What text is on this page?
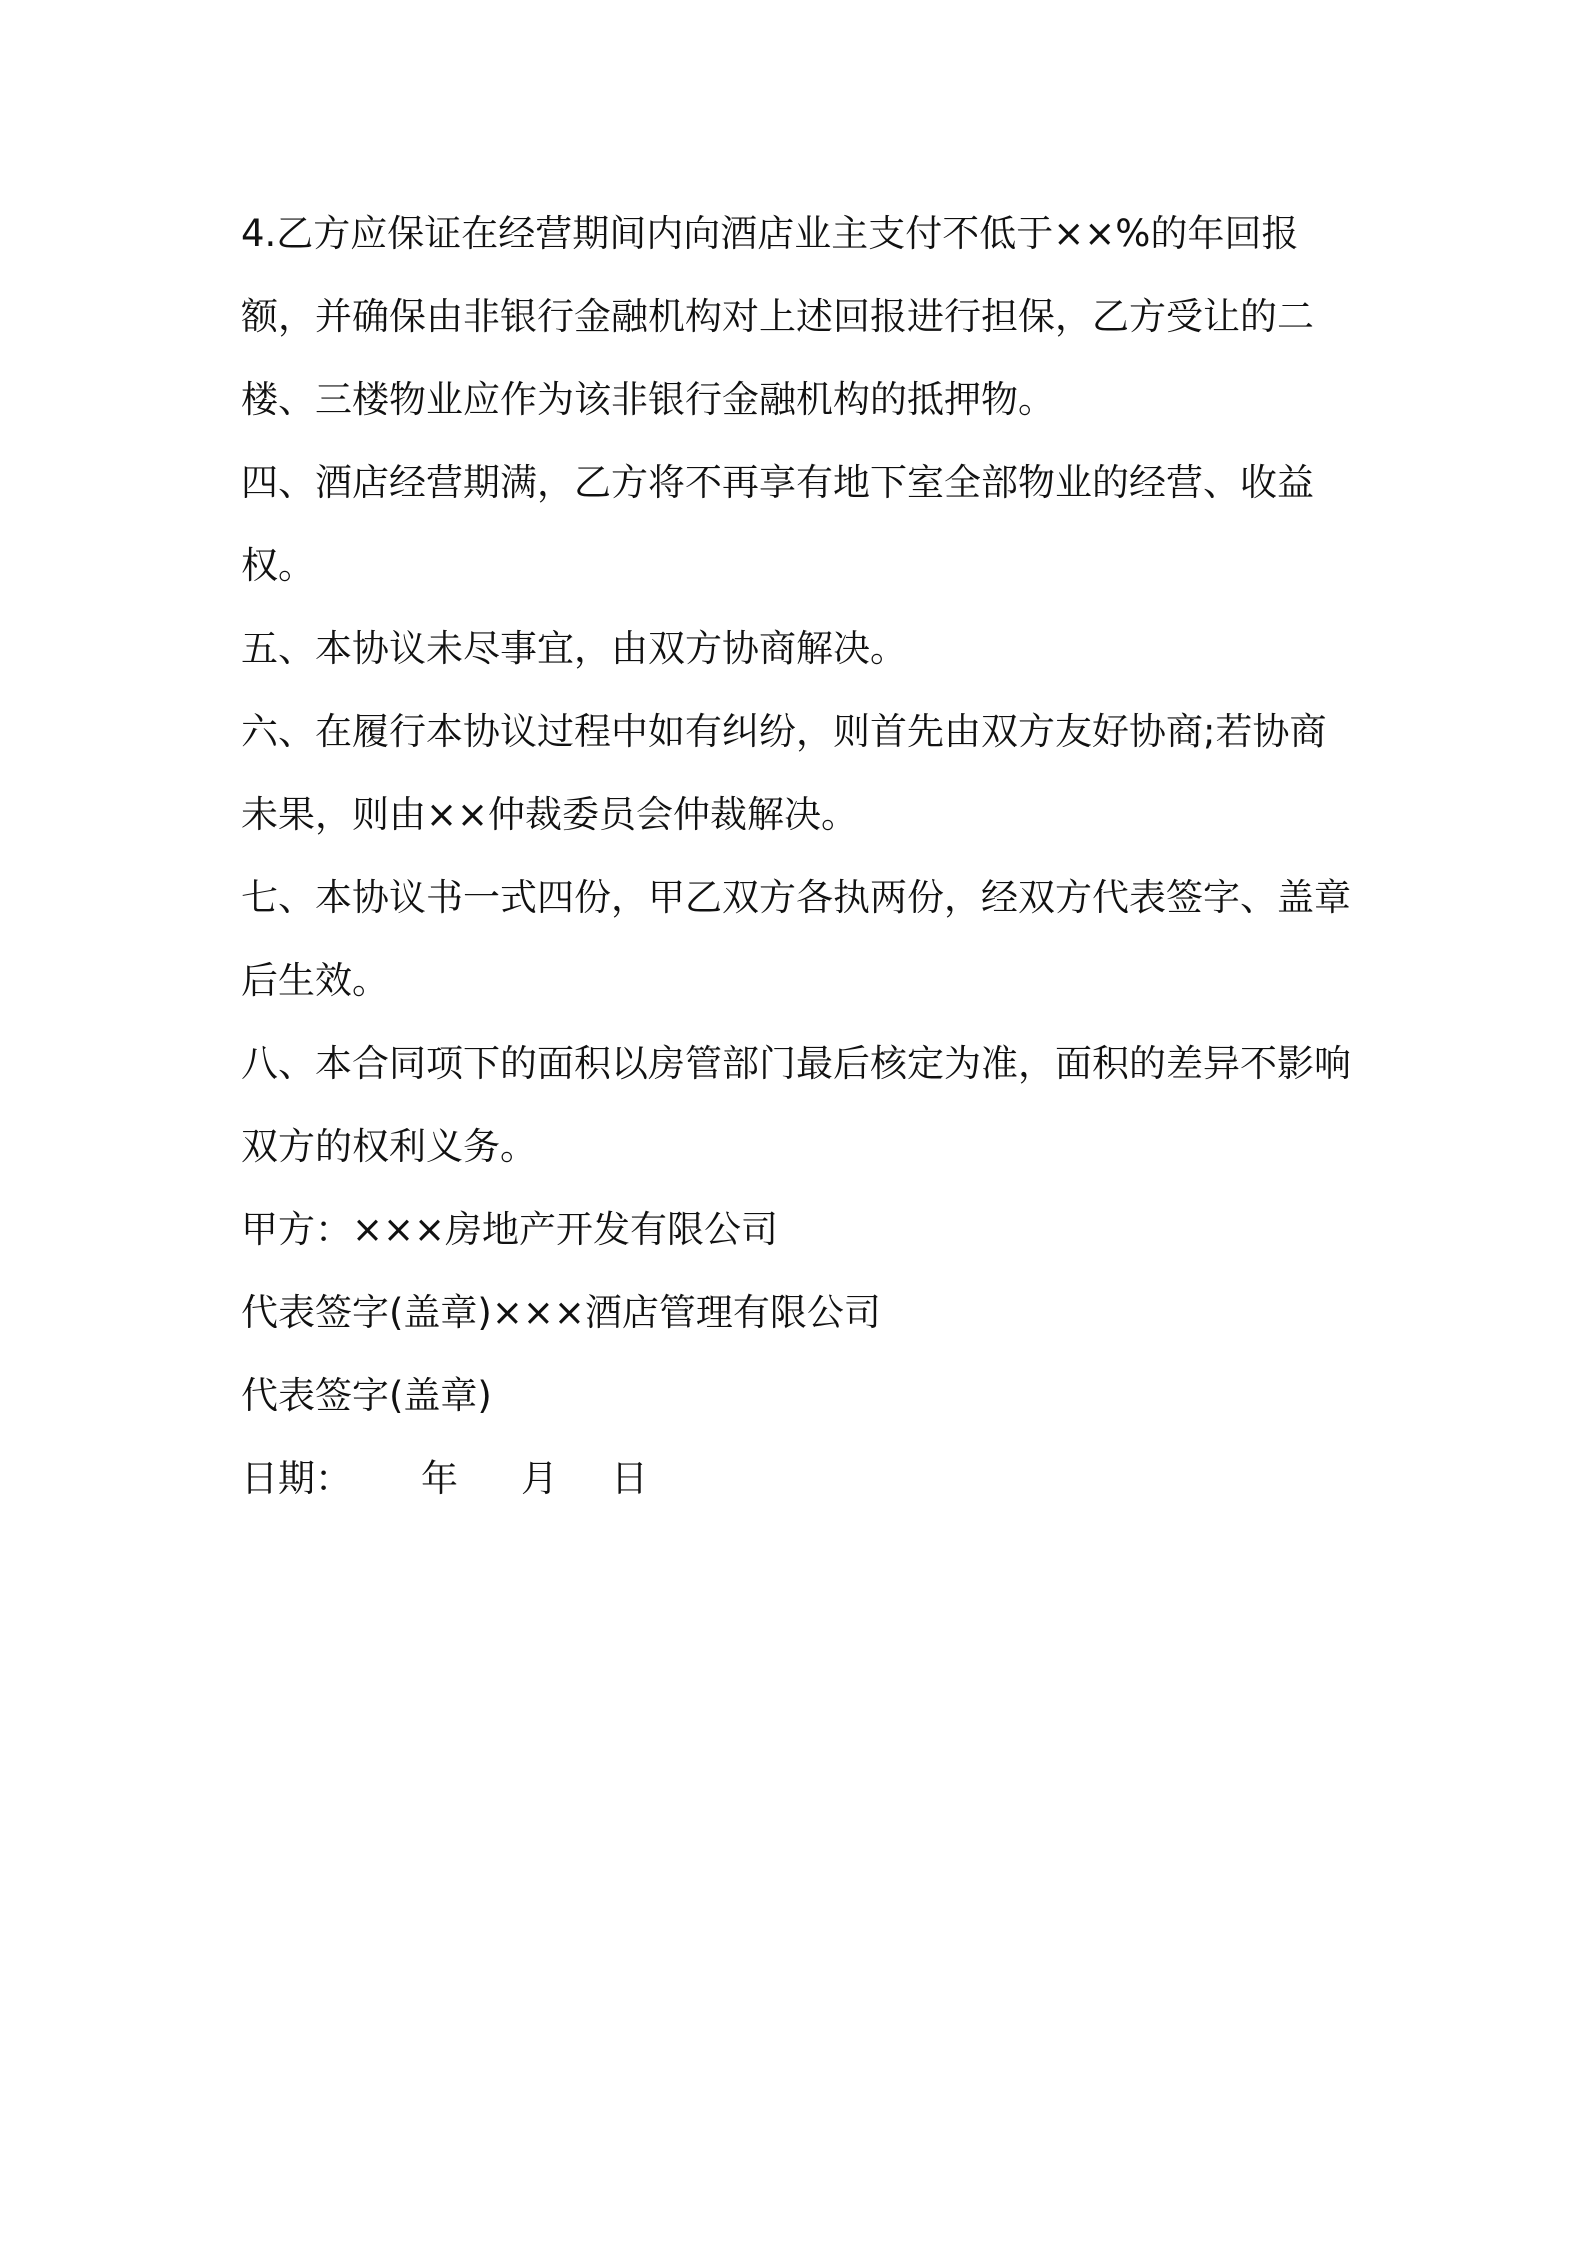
4.乙方应保证在经营期间内向酒店业主支付不低于××%的年回报额，并确保由非银行金融机构对上述回报进行担保，乙方受让的二楼、三楼物业应作为该非银行金融机构的抵押物。

四、酒店经营期满，乙方将不再享有地下室全部物业的经营、收益权。

五、本协议未尽事宜，由双方协商解决。

六、在履行本协议过程中如有纠纷，则首先由双方友好协商;若协商未果，则由××仲裁委员会仲裁解决。

七、本协议书一式四份，甲乙双方各执两份，经双方代表签字、盖章后生效。

八、本合同项下的面积以房管部门最后核定为准，面积的差异不影响双方的权利义务。

甲方：×××房地产开发有限公司

代表签字(盖章)×××酒店管理有限公司

代表签字(盖章)

日期： 年 月 日
